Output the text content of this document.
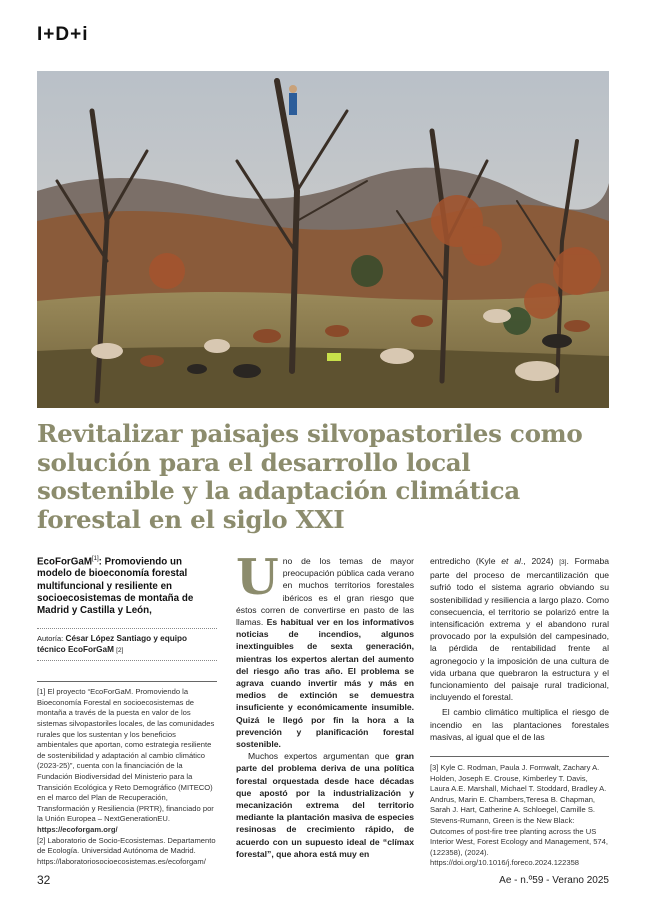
I+D+i
Revitalizar paisajes silvopastoriles como solución para el desarrollo local sostenible y la adaptación climática forestal en el siglo XXI
EcoForGaM[1]: Promoviendo un modelo de bioeconomía forestal multifuncional y resiliente en socioecosistemas de montaña de Madrid y Castilla y León,
Autoría: César López Santiago y equipo técnico EcoForGaM [2]

[1] El proyecto “EcoForGaM. Promoviendo la Bioeconomía Forestal en socioecosistemas de montaña a través de la puesta en valor de los sistemas silvopastoriles locales, de las comunidades rurales que los sustentan y los beneficios ambientales que aportan, como estrategia resiliente de sostenibilidad y adaptación al cambio climático (2023-25)”, cuenta con la financiación de la Fundación Biodiversidad del Ministerio para la Transición Ecológica y Reto Demográfico (MITECO) en el marco del Plan de Recuperación, Transformación y Resiliencia (PRTR), financiado por la Unión Europea – NextGenerationEU. https://ecoforgam.org/

[2] Laboratorio de Socio-Ecosistemas. Departamento de Ecología. Universidad Autónoma de Madrid. https://laboratoriosocioecosistemas.es/ecoforgam/

U no de los temas de mayor preocupación pública cada verano en muchos territorios forestales ibéricos es el gran riesgo que éstos corren de convertirse en pasto de las llamas. Es habitual ver en los informativos noticias de incendios, algunos inextinguibles de sexta generación, mientras los expertos alertan del aumento del riesgo año tras año. El problema se agrava cuando invertir más y más en medios de extinción se demuestra insuficiente y económicamente insumible. Quizá le llegó por fin la hora a la prevención y planificación forestal sostenible.

Muchos expertos argumentan que gran parte del problema deriva de una política forestal orquestada desde hace décadas que apostó por la industrialización y mecanización extrema del territorio mediante la plantación masiva de especies resinosas de crecimiento rápido, de acuerdo con un supuesto ideal de “clímax forestal”, que ahora está muy en

entredicho (Kyle et al., 2024) [3]. Formaba parte del proceso de mercantilización que sufrió todo el sistema agrario obviando su sostenibilidad y resiliencia a largo plazo. Como consecuencia, el territorio se polarizó entre la intensificación extrema y el abandono rural provocado por la expulsión del campesinado, la pérdida de rentabilidad frente al agronegocio y la imposición de una cultura de vida urbana que quebraron la estructura y el funcionamiento del paisaje rural tradicional, incluyendo el forestal.

El cambio climático multiplica el riesgo de incendio en las plantaciones forestales masivas, al igual que el de las

[3] Kyle C. Rodman, Paula J. Fornwalt, Zachary A. Holden, Joseph E. Crouse, Kimberley T. Davis, Laura A.E. Marshall, Michael T. Stoddard, Bradley A. Andrus, Marin E. Chambers,Teresa B. Chapman, Sarah J. Hart, Catherine A. Schloegel, Camille S. Stevens-Rumann, Green is the New Black: Outcomes of post-fire tree planting across the US Interior West, Forest Ecology and Management, 574, (122358), (2024). https://doi.org/10.1016/j.foreco.2024.122358

32	Ae - n.º59 - Verano 2025
